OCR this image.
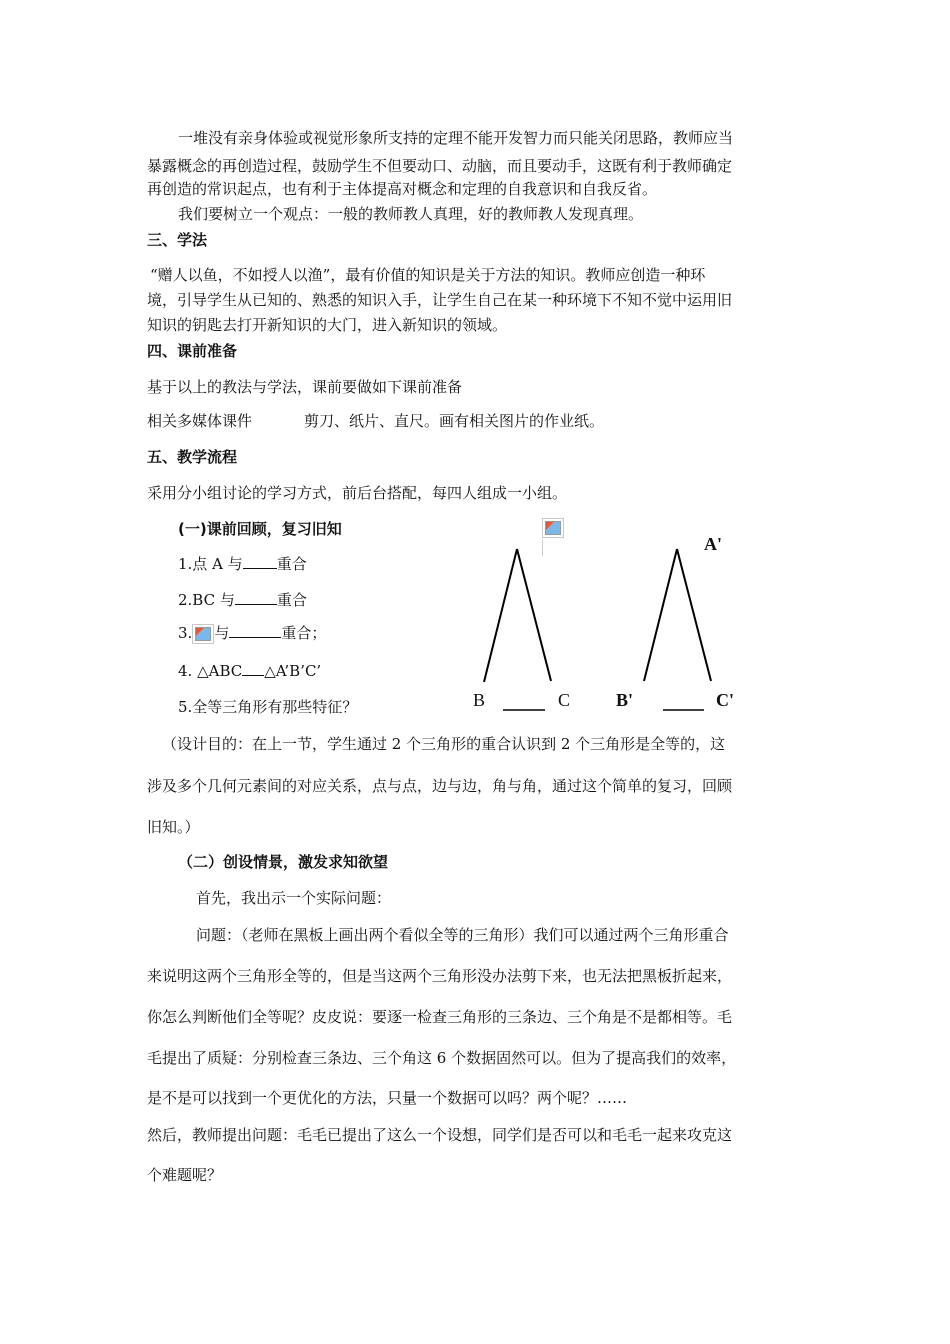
一堆没有亲身体验或视觉形象所支持的定理不能开发智力而只能关闭思路，教师应当
暴露概念的再创造过程，鼓励学生不但要动口、动脑，而且要动手，这既有利于教师确定
再创造的常识起点，也有利于主体提高对概念和定理的自我意识和自我反省。
我们要树立一个观点：一般的教师教人真理，好的教师教人发现真理。
三、学法
“赠人以鱼，不如授人以渔”，最有价值的知识是关于方法的知识。教师应创造一种环
境，引导学生从已知的、熟悉的知识入手，让学生自己在某一种环境下不知不觉中运用旧
知识的钥匙去打开新知识的大门，进入新知识的领域。
四、课前准备
基于以上的教法与学法，课前要做如下课前准备
相关多媒体课件	剪刀、纸片、直尺。画有相关图片的作业纸。
五、教学流程
采用分小组讨论的学习方式，前后台搭配，每四人组成一小组。
(一)课前回顾，复习旧知
1.点 A 与 重合
2.BC 与	重合
3. 与	重合；
4. △ABC △A’B’C’
5.全等三角形有那些特征？	B	C
A'
B'	C'
（设计目的：在上一节，学生通过 2 个三角形的重合认识到 2 个三角形是全等的，这
涉及多个几何元素间的对应关系，点与点，边与边，角与角，通过这个简单的复习，回顾
旧知。）
（二）创设情景，激发求知欲望
首先，我出示一个实际问题：
问题：（老师在黑板上画出两个看似全等的三角形）我们可以通过两个三角形重合
来说明这两个三角形全等的，但是当这两个三角形没办法剪下来，也无法把黑板折起来，
你怎么判断他们全等呢？皮皮说：要逐一检查三角形的三条边、三个角是不是都相等。毛
毛提出了质疑：分别检查三条边、三个角这 6 个数据固然可以。但为了提高我们的效率，
是不是可以找到一个更优化的方法，只量一个数据可以吗？两个呢？……
然后，教师提出问题：毛毛已提出了这么一个设想，同学们是否可以和毛毛一起来攻克这
个难题呢？
